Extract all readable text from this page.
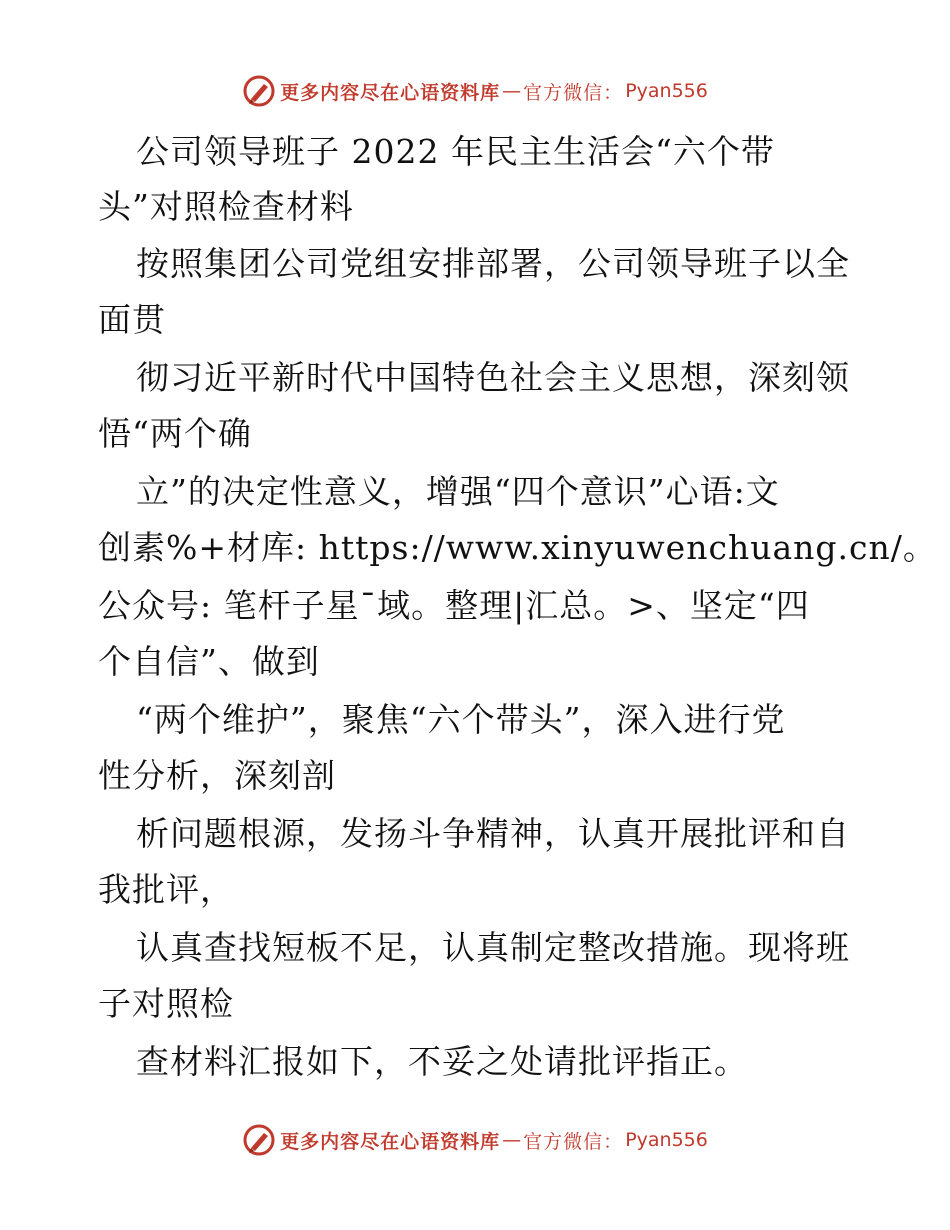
更多内容尽在心语资料库 — 官方微信： Pyan556
公司领导班子 2022 年民主生活会“六个带
头”对照检查材料
按照集团公司党组安排部署，公司领导班子以全
面贯
彻习近平新时代中国特色社会主义思想，深刻领
悟“两个确
立”的决定性意义，增强“四个意识”心语:文
创素%+材库: https://www.xinyuwenchuang.cn/。
公众号: 笔杆子星¯域。整理|汇总。>、坚定“四
个自信”、做到
“两个维护”，聚焦“六个带头”，深入进行党
性分析，深刻剖
析问题根源，发扬斗争精神，认真开展批评和自
我批评，
认真查找短板不足，认真制定整改措施。现将班
子对照检
查材料汇报如下，不妥之处请批评指正。
更多内容尽在心语资料库 — 官方微信： Pyan556
